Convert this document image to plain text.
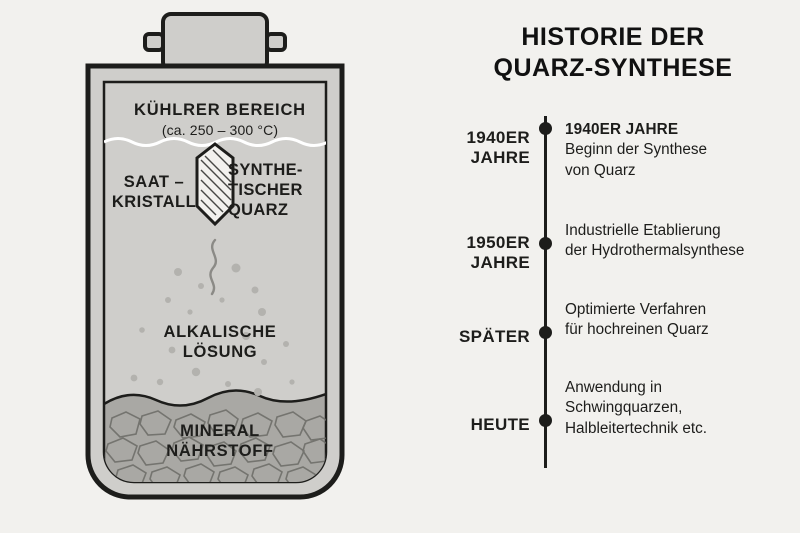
KÜHLRER BEREICH
(ca. 250 – 300 °C)
SAAT –
KRISTALL
SYNTHE-
TISCHER
QUARZ
ALKALISCHE
LÖSUNG
MINERAL
NÄHRSTOFF
HISTORIE DER
QUARZ-SYNTHESE
1940ER
JAHRE
1940ER JAHRE
Beginn der Synthese
von Quarz
1950ER
JAHRE
Industrielle Etablierung
der Hydrothermalsynthese
SPÄTER
Optimierte Verfahren
für hochreinen Quarz
HEUTE
Anwendung in
Schwingquarzen,
Halbleitertechnik etc.
